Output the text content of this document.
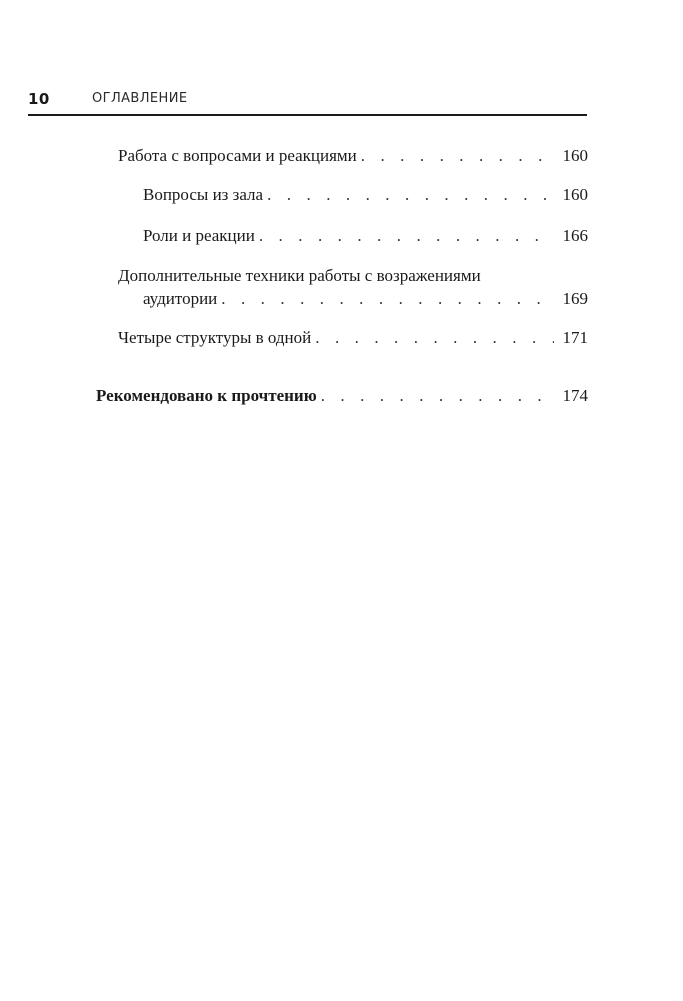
10	ОГЛАВЛЕНИЕ
Работа с вопросами и реакциями . . .	160
Вопросы из зала . . .	160
Роли и реакции . . .	166
Дополнительные техники работы с возражениями
аудитории . . .	169
Четыре структуры в одной . . .	171
Рекомендовано к прочтению . . .	174
